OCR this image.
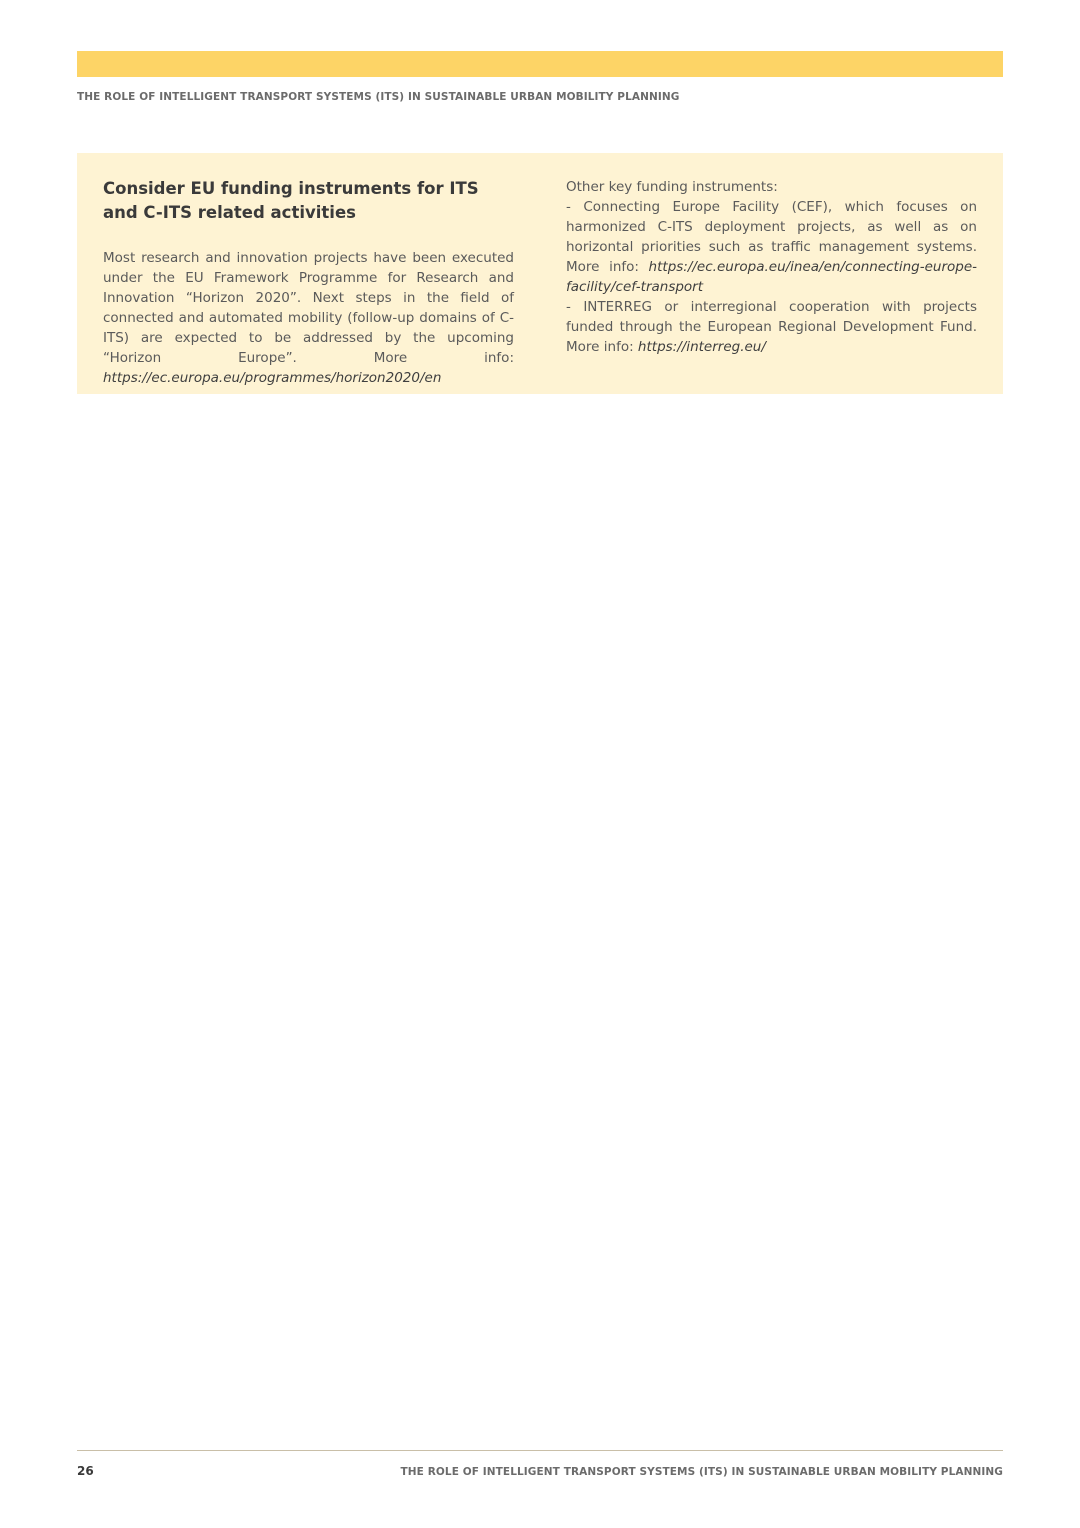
THE ROLE OF INTELLIGENT TRANSPORT SYSTEMS (ITS) IN SUSTAINABLE URBAN MOBILITY PLANNING
Consider EU funding instruments for ITS and C-ITS related activities

Most research and innovation projects have been executed under the EU Framework Programme for Research and Innovation “Horizon 2020”. Next steps in the field of connected and automated mobility (follow-up domains of C-ITS) are expected to be addressed by the upcoming “Horizon Europe”. More info: https://ec.europa.eu/programmes/horizon2020/en

Other key funding instruments:

- Connecting Europe Facility (CEF), which focuses on harmonized C-ITS deployment projects, as well as on horizontal priorities such as traffic management systems. More info: https://ec.europa.eu/inea/en/connecting-europe-facility/cef-transport

- INTERREG or interregional cooperation with projects funded through the European Regional Development Fund. More info: https://interreg.eu/

26	THE ROLE OF INTELLIGENT TRANSPORT SYSTEMS (ITS) IN SUSTAINABLE URBAN MOBILITY PLANNING
